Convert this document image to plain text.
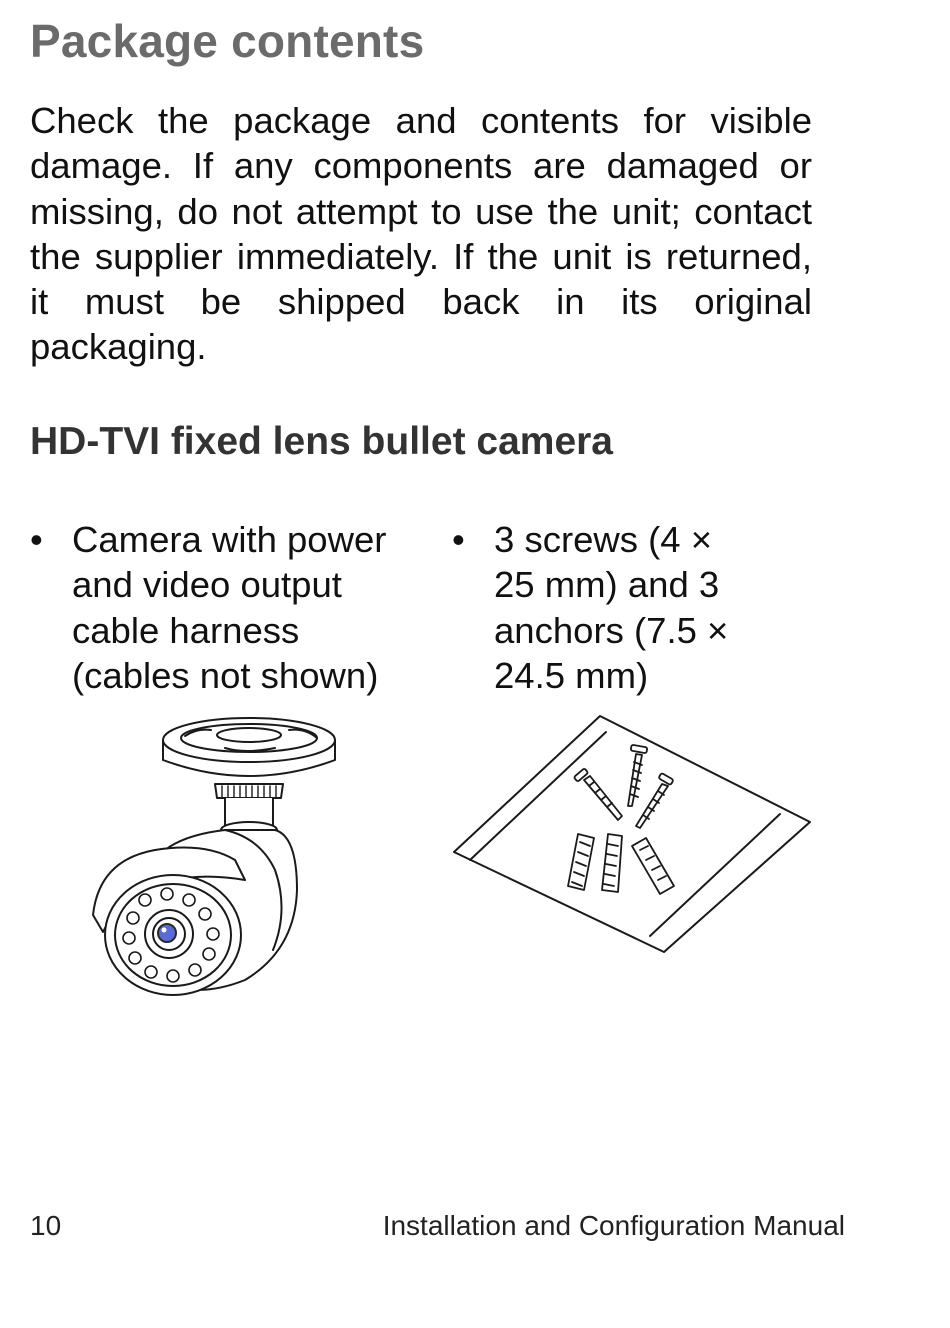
Package contents

Check the package and contents for visible damage. If any components are damaged or missing, do not attempt to use the unit; contact the supplier immediately. If the unit is returned, it must be shipped back in its original packaging.

HD-TVI fixed lens bullet camera
• Camera with power
and video output
cable harness
(cables not shown)
• 3 screws (4 ×
25 mm) and 3
anchors (7.5 ×
24.5 mm)
10	Installation and Configuration Manual
